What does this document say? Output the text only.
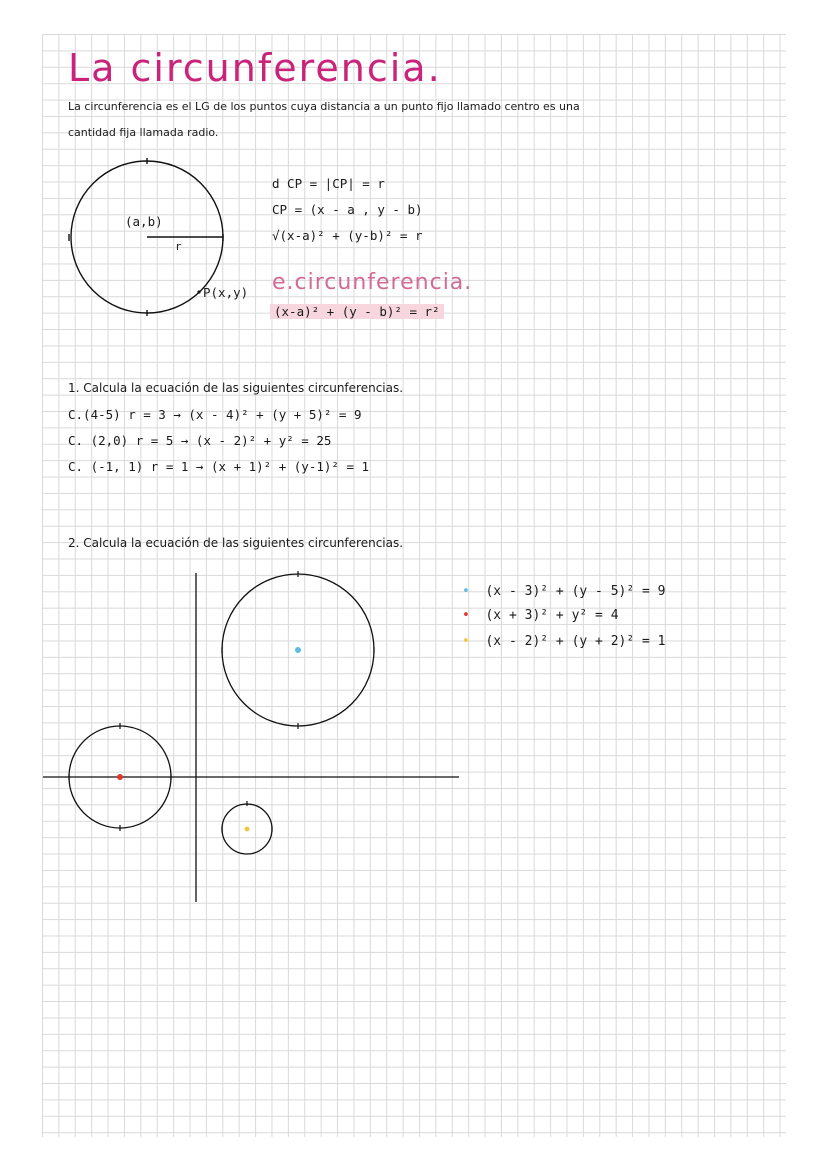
La circunferencia.
La circunferencia es el LG de los puntos cuya distancia a un punto fijo llamado centro es una
cantidad fija llamada radio.
(a,b)
r
P(x,y)
d CP = |CP| = r
CP = (x - a , y - b)
√(x-a)² + (y-b)² = r
e.circunferencia.
(x-a)² + (y - b)² = r²
1. Calcula la ecuación de las siguientes circunferencias.
C.(4-5) r = 3 → (x - 4)² + (y + 5)² = 9
C. (2,0) r = 5 → (x - 2)² + y² = 25
C. (-1, 1) r = 1 → (x + 1)² + (y-1)² = 1
2. Calcula la ecuación de las siguientes circunferencias.
• (x - 3)² + (y - 5)² = 9
• (x + 3)² + y² = 4
• (x - 2)² + (y + 2)² = 1
